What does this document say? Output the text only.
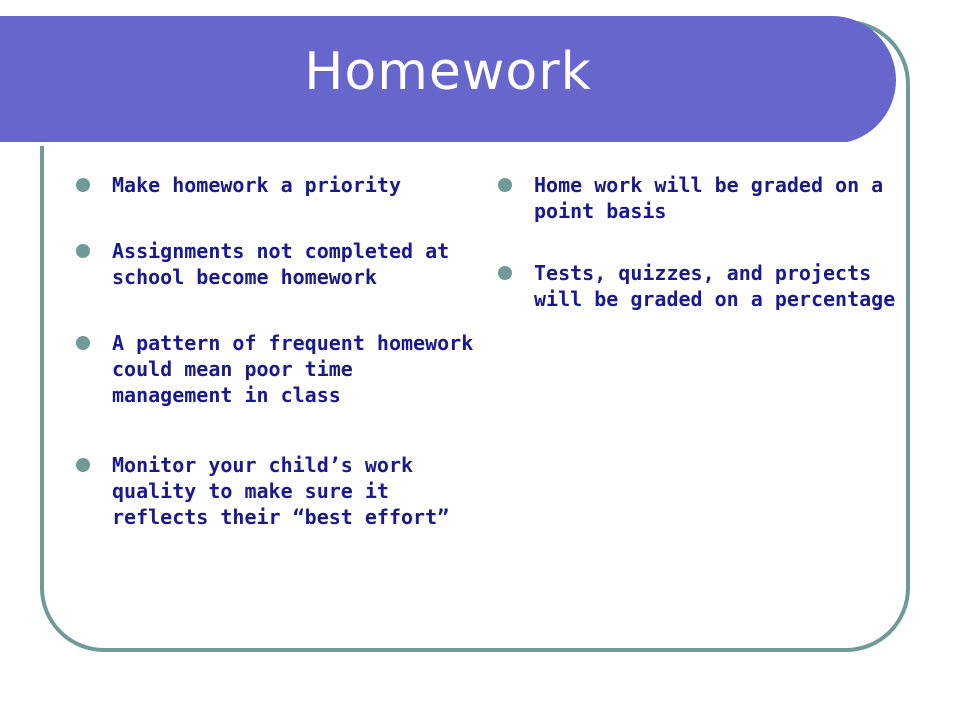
Homework
Make homework a priority
Assignments not completed at school become homework
A pattern of frequent homework could mean poor time management in class
Monitor your child’s work quality to make sure it reflects their “best effort”
Home work will be graded on a point basis
Tests, quizzes, and projects will be graded on a percentage
